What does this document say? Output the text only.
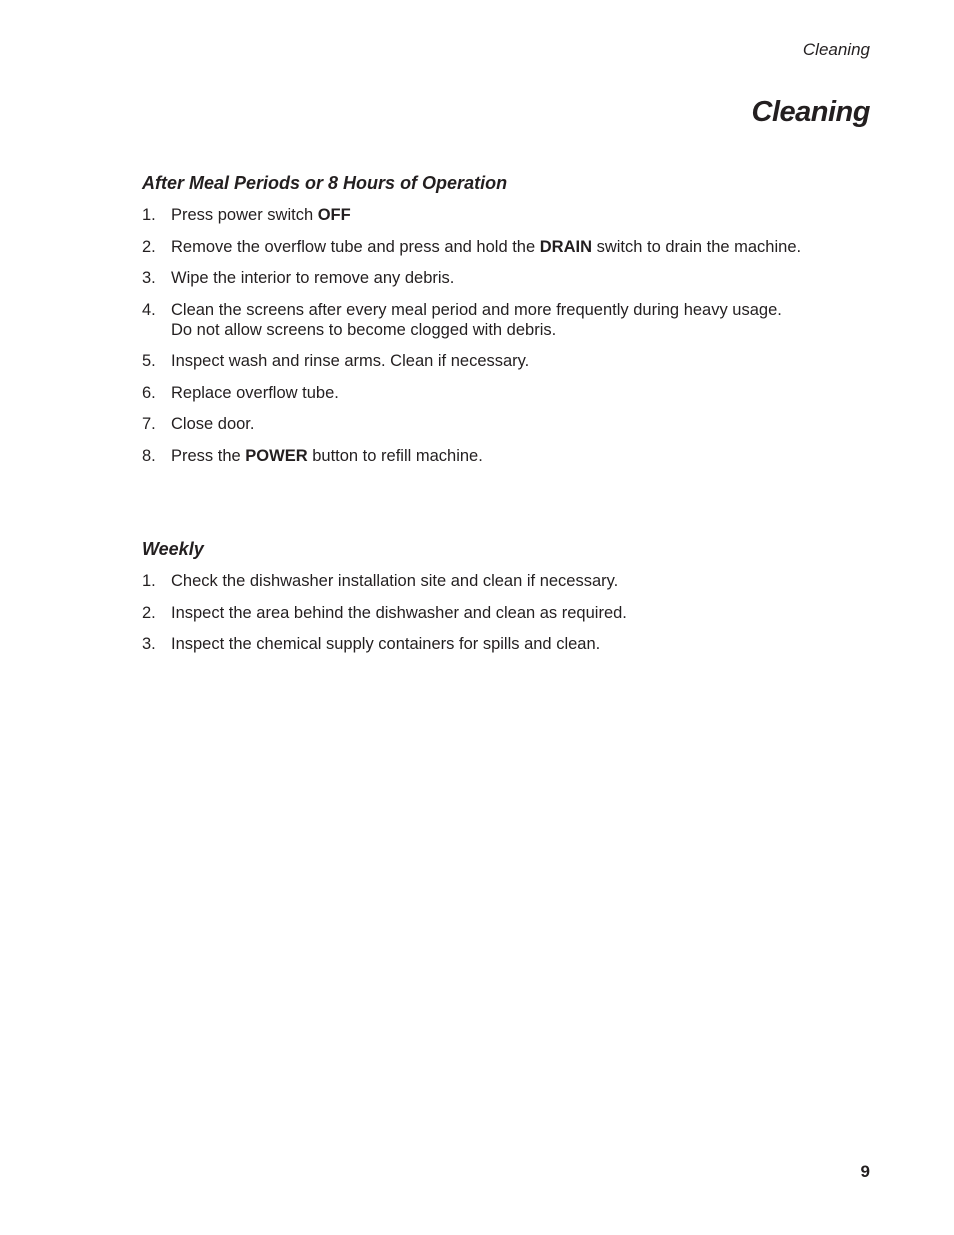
Cleaning
Cleaning
After Meal Periods or 8 Hours of Operation
1. Press power switch OFF
2. Remove the overflow tube and press and hold the DRAIN switch to drain the machine.
3. Wipe the interior to remove any debris.
4. Clean the screens after every meal period and more frequently during heavy usage.
Do not allow screens to become clogged with debris.
5. Inspect wash and rinse arms. Clean if necessary.
6. Replace overflow tube.
7. Close door.
8. Press the POWER button to refill machine.
Weekly
1. Check the dishwasher installation site and clean if necessary.
2. Inspect the area behind the dishwasher and clean as required.
3. Inspect the chemical supply containers for spills and clean.
9
